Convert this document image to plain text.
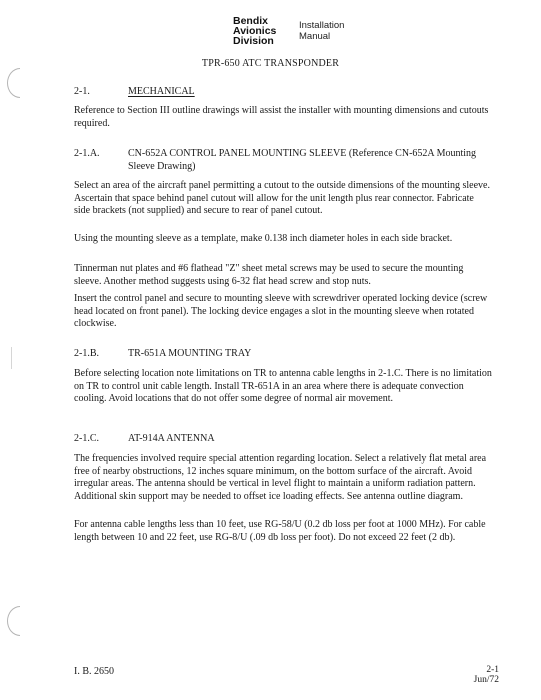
Bendix
Avionics
Division
Installation
Manual
TPR-650 ATC TRANSPONDER
2-1.	MECHANICAL

Reference to Section III outline drawings will assist the installer with mounting dimensions and cutouts required.

2-1.A.	CN-652A CONTROL PANEL MOUNTING SLEEVE (Reference CN-652A Mounting Sleeve Drawing)

Select an area of the aircraft panel permitting a cutout to the outside dimensions of the mounting sleeve. Ascertain that space behind panel cutout will allow for the unit length plus rear connector. Fabricate side brackets (not supplied) and secure to rear of panel cutout.

Using the mounting sleeve as a template, make 0.138 inch diameter holes in each side bracket.

Tinnerman nut plates and #6 flathead "Z" sheet metal screws may be used to secure the mounting sleeve. Another method suggests using 6-32 flat head screw and stop nuts.

Insert the control panel and secure to mounting sleeve with screwdriver operated locking device (screw head located on front panel). The locking device engages a slot in the mounting sleeve when rotated clockwise.

2-1.B.	TR-651A MOUNTING TRAY

Before selecting location note limitations on TR to antenna cable lengths in 2-1.C. There is no limitation on TR to control unit cable length. Install TR-651A in an area where there is adequate convection cooling. Avoid locations that do not offer some degree of normal air movement.

2-1.C.	AT-914A ANTENNA

The frequencies involved require special attention regarding location. Select a relatively flat metal area free of nearby obstructions, 12 inches square minimum, on the bottom surface of the aircraft. Avoid irregular areas. The antenna should be vertical in level flight to maintain a uniform radiation pattern. Additional skin support may be needed to offset ice loading effects. See antenna outline diagram.

For antenna cable lengths less than 10 feet, use RG-58/U (0.2 db loss per foot at 1000 MHz). For cable length between 10 and 22 feet, use RG-8/U (.09 db loss per foot). Do not exceed 22 feet (2 db).

I. B. 2650	2-1
Jun/72
